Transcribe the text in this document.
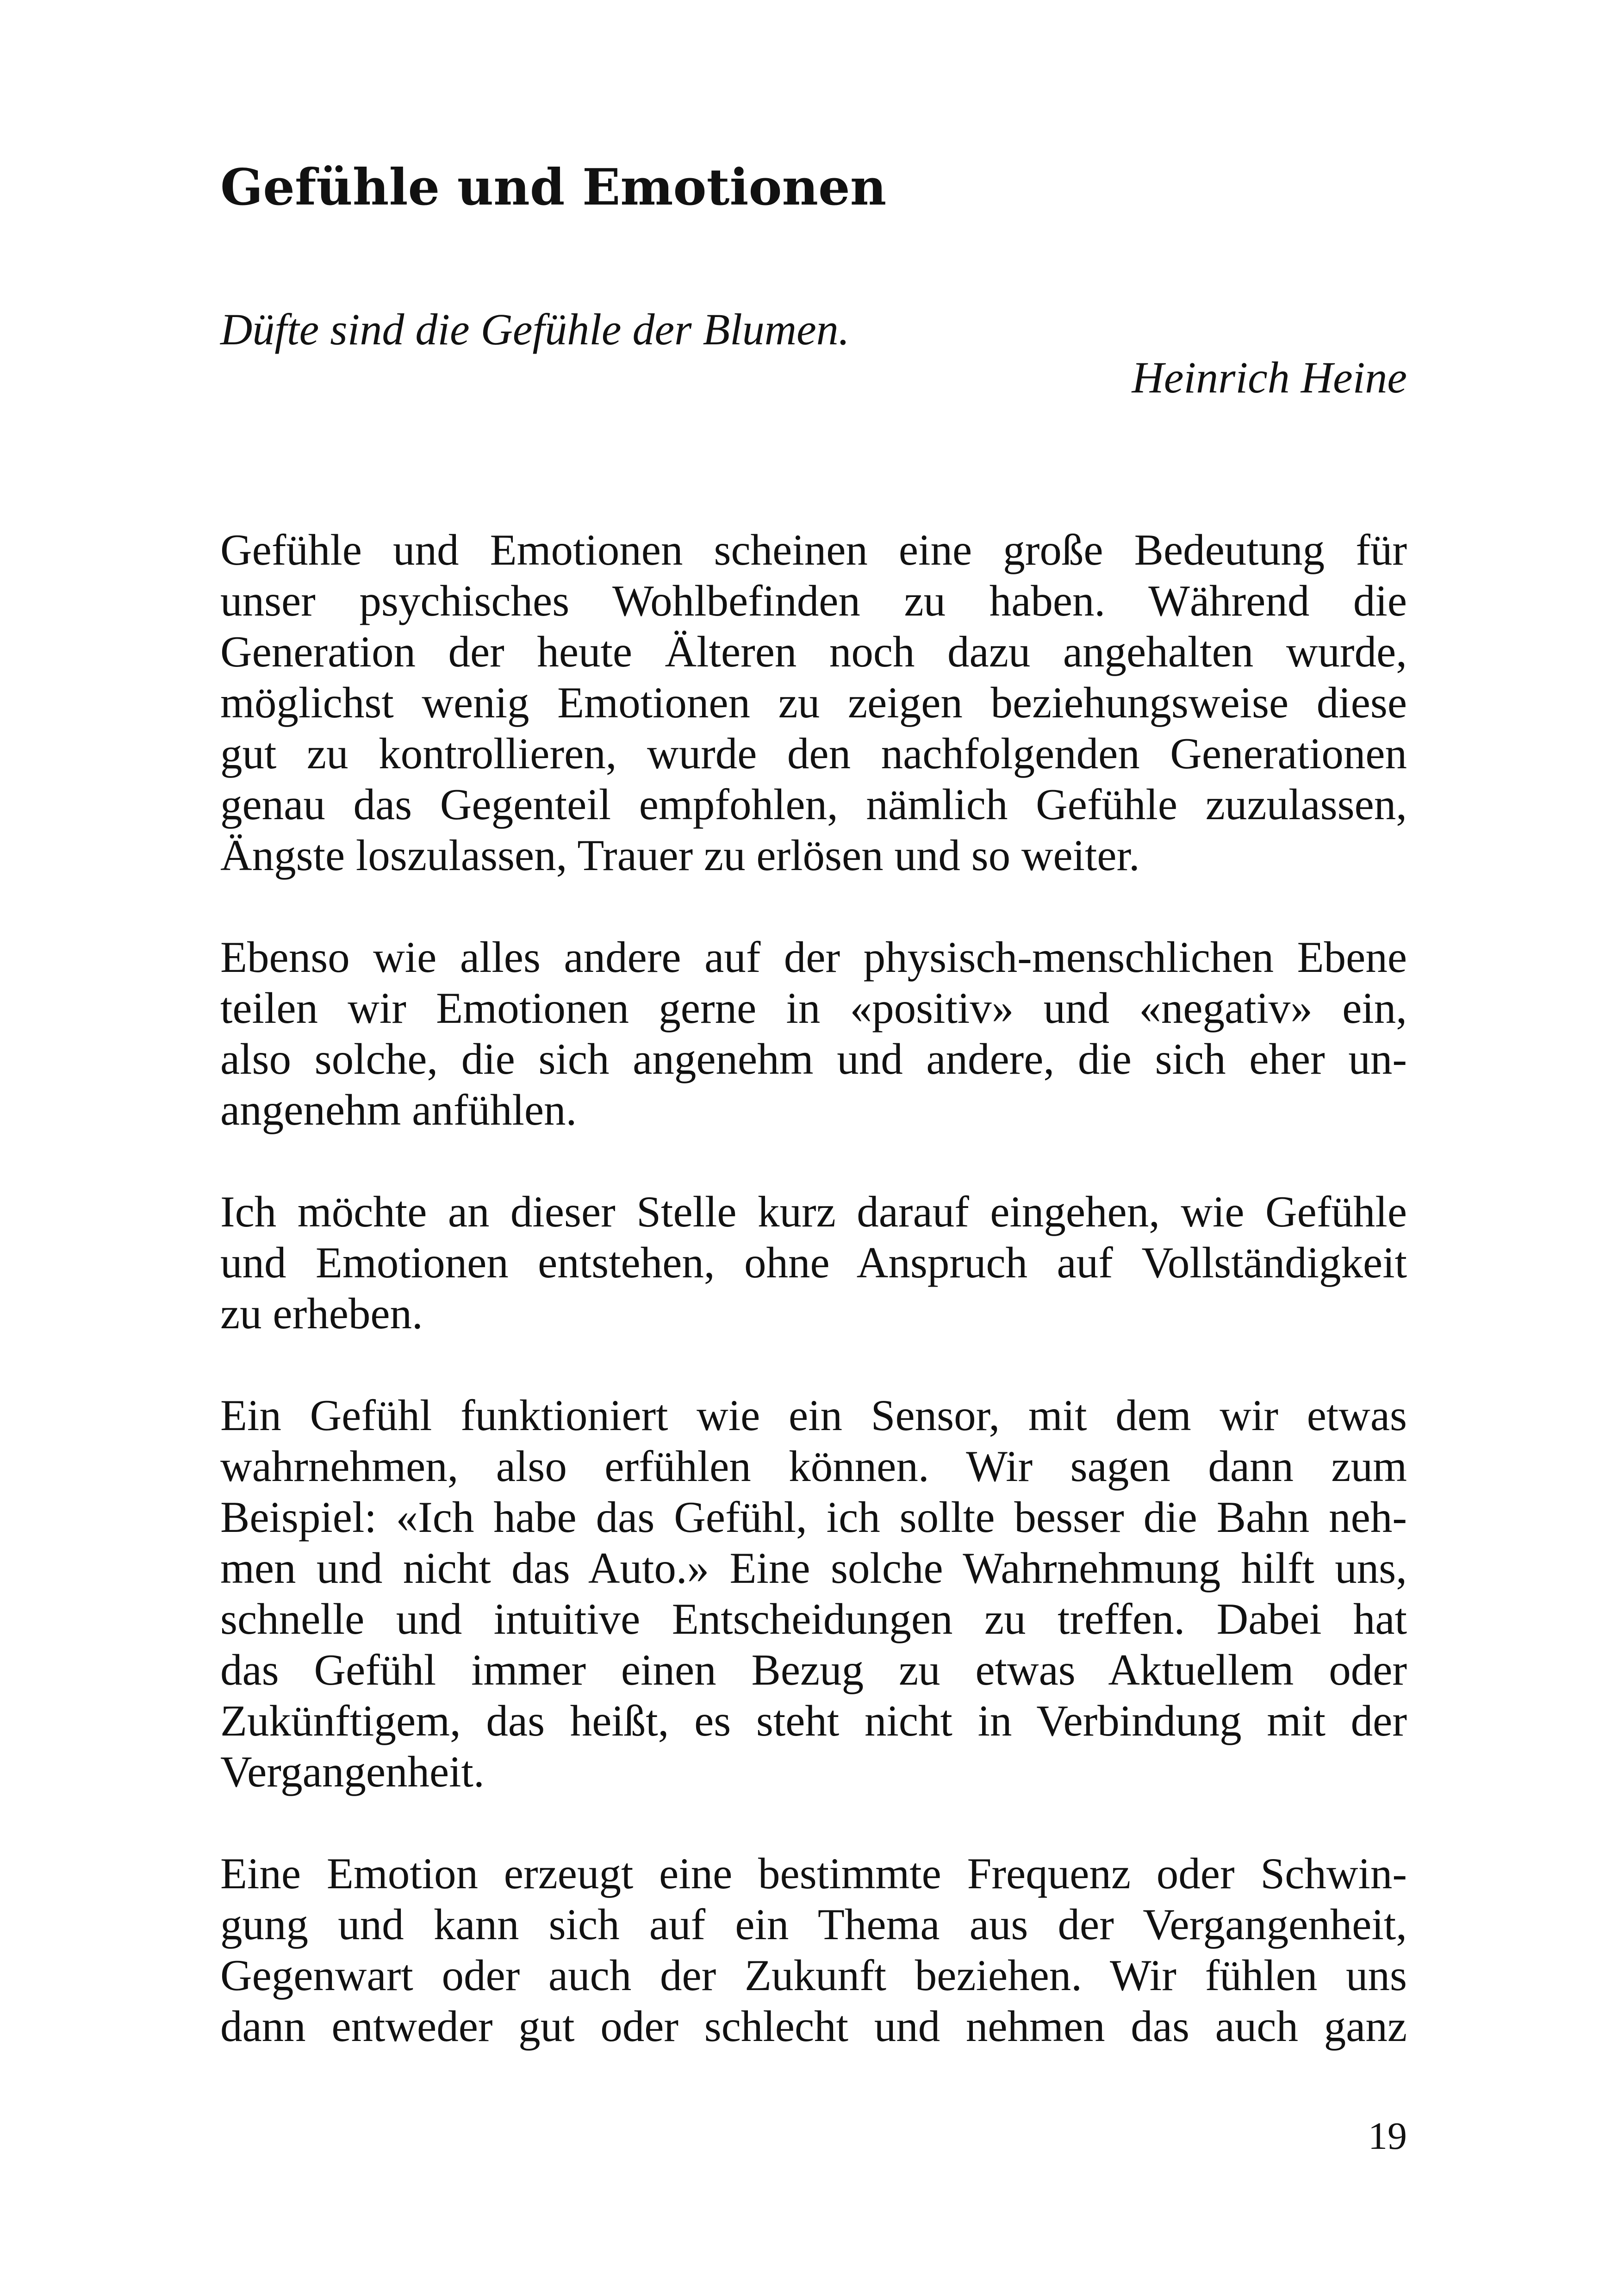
Gefühle und Emotionen

Düfte sind die Gefühle der Blumen.

Heinrich Heine

Gefühle und Emotionen scheinen eine große Bedeutung für
unser psychisches Wohlbefinden zu haben. Während die
Generation der heute Älteren noch dazu angehalten wurde,
möglichst wenig Emotionen zu zeigen beziehungsweise diese
gut zu kontrollieren, wurde den nachfolgenden Generationen
genau das Gegenteil empfohlen, nämlich Gefühle zuzulassen,
Ängste loszulassen, Trauer zu erlösen und so weiter.

Ebenso wie alles andere auf der physisch-menschlichen Ebene
teilen wir Emotionen gerne in «positiv» und «negativ» ein,
also solche, die sich angenehm und andere, die sich eher un-
angenehm anfühlen.

Ich möchte an dieser Stelle kurz darauf eingehen, wie Gefühle
und Emotionen entstehen, ohne Anspruch auf Vollständigkeit
zu erheben.

Ein Gefühl funktioniert wie ein Sensor, mit dem wir etwas
wahrnehmen, also erfühlen können. Wir sagen dann zum
Beispiel: «Ich habe das Gefühl, ich sollte besser die Bahn neh-
men und nicht das Auto.» Eine solche Wahrnehmung hilft uns,
schnelle und intuitive Entscheidungen zu treffen. Dabei hat
das Gefühl immer einen Bezug zu etwas Aktuellem oder
Zukünftigem, das heißt, es steht nicht in Verbindung mit der
Vergangenheit.

Eine Emotion erzeugt eine bestimmte Frequenz oder Schwin-
gung und kann sich auf ein Thema aus der Vergangenheit,
Gegenwart oder auch der Zukunft beziehen. Wir fühlen uns
dann entweder gut oder schlecht und nehmen das auch ganz

19
